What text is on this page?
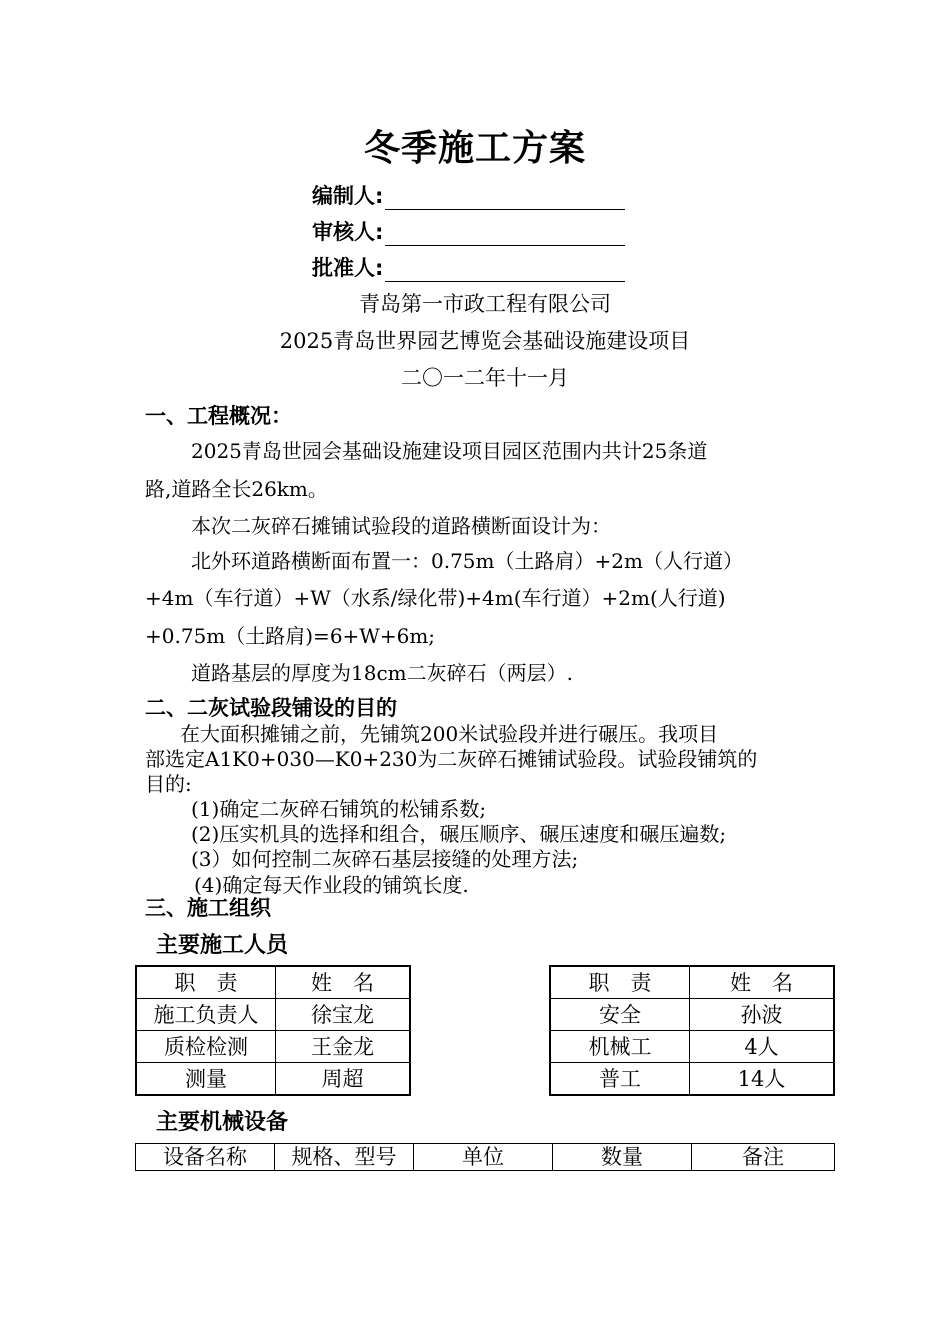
冬季施工方案
编制人:
审核人:
批准人:
青岛第一市政工程有限公司
2025青岛世界园艺博览会基础设施建设项目
二〇一二年十一月
一、工程概况：
2025青岛世园会基础设施建设项目园区范围内共计25条道
路,道路全长26km。
本次二灰碎石摊铺试验段的道路横断面设计为：
北外环道路横断面布置一：0.75m（土路肩）+2m（人行道）
+4m（车行道）+W（水系/绿化带)+4m(车行道）+2m(人行道)
+0.75m（土路肩)=6+W+6m;
道路基层的厚度为18cm二灰碎石（两层）.
二、二灰试验段铺设的目的
在大面积摊铺之前，先铺筑200米试验段并进行碾压。我项目
部选定A1K0+030—K0+230为二灰碎石摊铺试验段。试验段铺筑的
目的:
(1)确定二灰碎石铺筑的松铺系数;
(2)压实机具的选择和组合，碾压顺序、碾压速度和碾压遍数;
(3）如何控制二灰碎石基层接缝的处理方法;
(4)确定每天作业段的铺筑长度.
三、施工组织
主要施工人员
职　责	姓　名
施工负责人	徐宝龙
质检检测	王金龙
测量	周超
职　责	姓　名
安全	孙波
机械工	4人
普工	14人
主要机械设备
设备名称	规格、型号	单位	数量	备注
